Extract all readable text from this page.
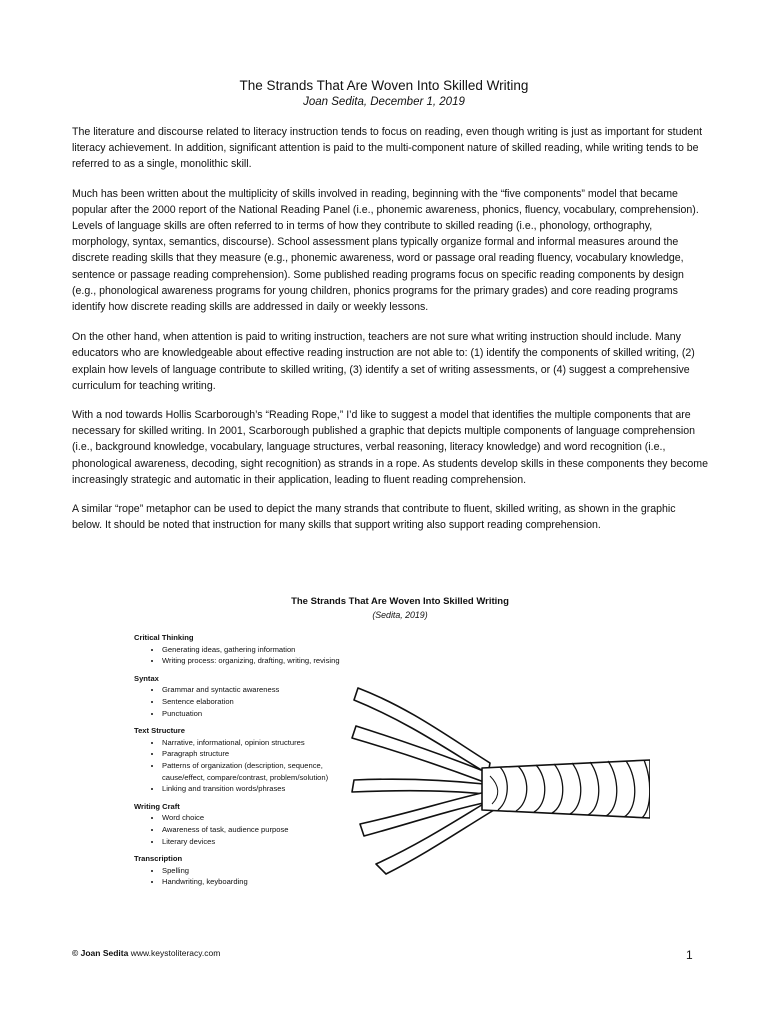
The Strands That Are Woven Into Skilled Writing
Joan Sedita, December 1, 2019

The literature and discourse related to literacy instruction tends to focus on reading, even though writing is just as important for student literacy achievement. In addition, significant attention is paid to the multi-component nature of skilled reading, while writing tends to be referred to as a single, monolithic skill.

Much has been written about the multiplicity of skills involved in reading, beginning with the “five components” model that became popular after the 2000 report of the National Reading Panel (i.e., phonemic awareness, phonics, fluency, vocabulary, comprehension). Levels of language skills are often referred to in terms of how they contribute to skilled reading (i.e., phonology, orthography, morphology, syntax, semantics, discourse). School assessment plans typically organize formal and informal measures around the discrete reading skills that they measure (e.g., phonemic awareness, word or passage oral reading fluency, vocabulary knowledge, sentence or passage reading comprehension). Some published reading programs focus on specific reading components by design (e.g., phonological awareness programs for young children, phonics programs for the primary grades) and core reading programs identify how discrete reading skills are addressed in daily or weekly lessons.

On the other hand, when attention is paid to writing instruction, teachers are not sure what writing instruction should include. Many educators who are knowledgeable about effective reading instruction are not able to: (1) identify the components of skilled writing, (2) explain how levels of language contribute to skilled writing, (3) identify a set of writing assessments, or (4) suggest a comprehensive curriculum for teaching writing.

With a nod towards Hollis Scarborough’s “Reading Rope,” I’d like to suggest a model that identifies the multiple components that are necessary for skilled writing. In 2001, Scarborough published a graphic that depicts multiple components of language comprehension (i.e., background knowledge, vocabulary, language structures, verbal reasoning, literacy knowledge) and word recognition (i.e., phonological awareness, decoding, sight recognition) as strands in a rope. As students develop skills in these components they become increasingly strategic and automatic in their application, leading to fluent reading comprehension.

A similar “rope” metaphor can be used to depict the many strands that contribute to fluent, skilled writing, as shown in the graphic below. It should be noted that instruction for many skills that support writing also support reading comprehension.

The Strands That Are Woven Into Skilled Writing
(Sedita, 2019)
Critical Thinking
• Generating ideas, gathering information
• Writing process: organizing, drafting, writing, revising
Syntax
• Grammar and syntactic awareness
• Sentence elaboration
• Punctuation
Text Structure
• Narrative, informational, opinion structures
• Paragraph structure
• Patterns of organization (description, sequence, cause/effect, compare/contrast, problem/solution)
• Linking and transition words/phrases
Writing Craft
• Word choice
• Awareness of task, audience purpose
• Literary devices
Transcription
• Spelling
• Handwriting, keyboarding
© Joan Sedita www.keystoliteracy.com	1
